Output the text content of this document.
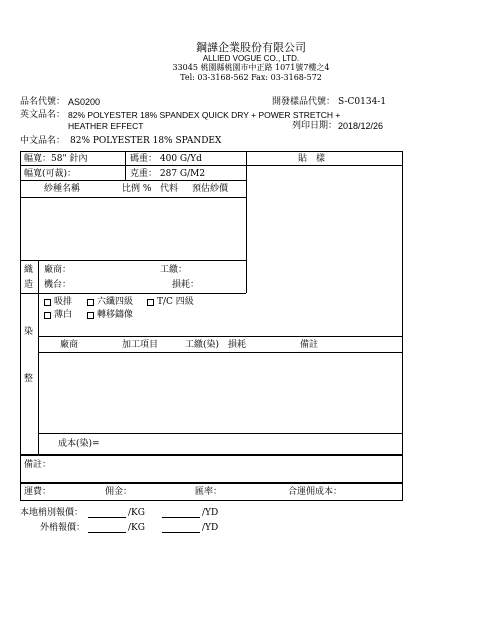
鋼譁企業股份有限公司
ALLIED VOGUE CO., LTD.
33045 桃園縣桃園市中正路 1071號7樓之4
Tel: 03-3168-562 Fax: 03-3168-572
品名代號： AS0200	開發樣品代號： S-C0134-1
英文品名： 82% POLYESTER 18% SPANDEX QUICK DRY + POWER STRETCH +
HEATHER EFFECT	列印日期： 2018/12/26
中文品名： 82% POLYESTER 18% SPANDEX
幅寬：58" 針內	碼重： 400 G/Yd	貼　樣
幅寬(可裁)：	克重： 287 G/M2
紗種名稱	比例 % 代料 預估紗價
織
造
廠商：	工繳：
機台：	損耗：
染
整
吸排	六纖四級	T/C 四級
薄白	轉移鑄像
廠商	加工項目	工繳(染) 損耗	備註
成本(染)=
備註：
運費：	佣金：	匯率：	合運佣成本：
本地梢別報價：	/KG	/YD
外梢報價：	/KG	/YD
